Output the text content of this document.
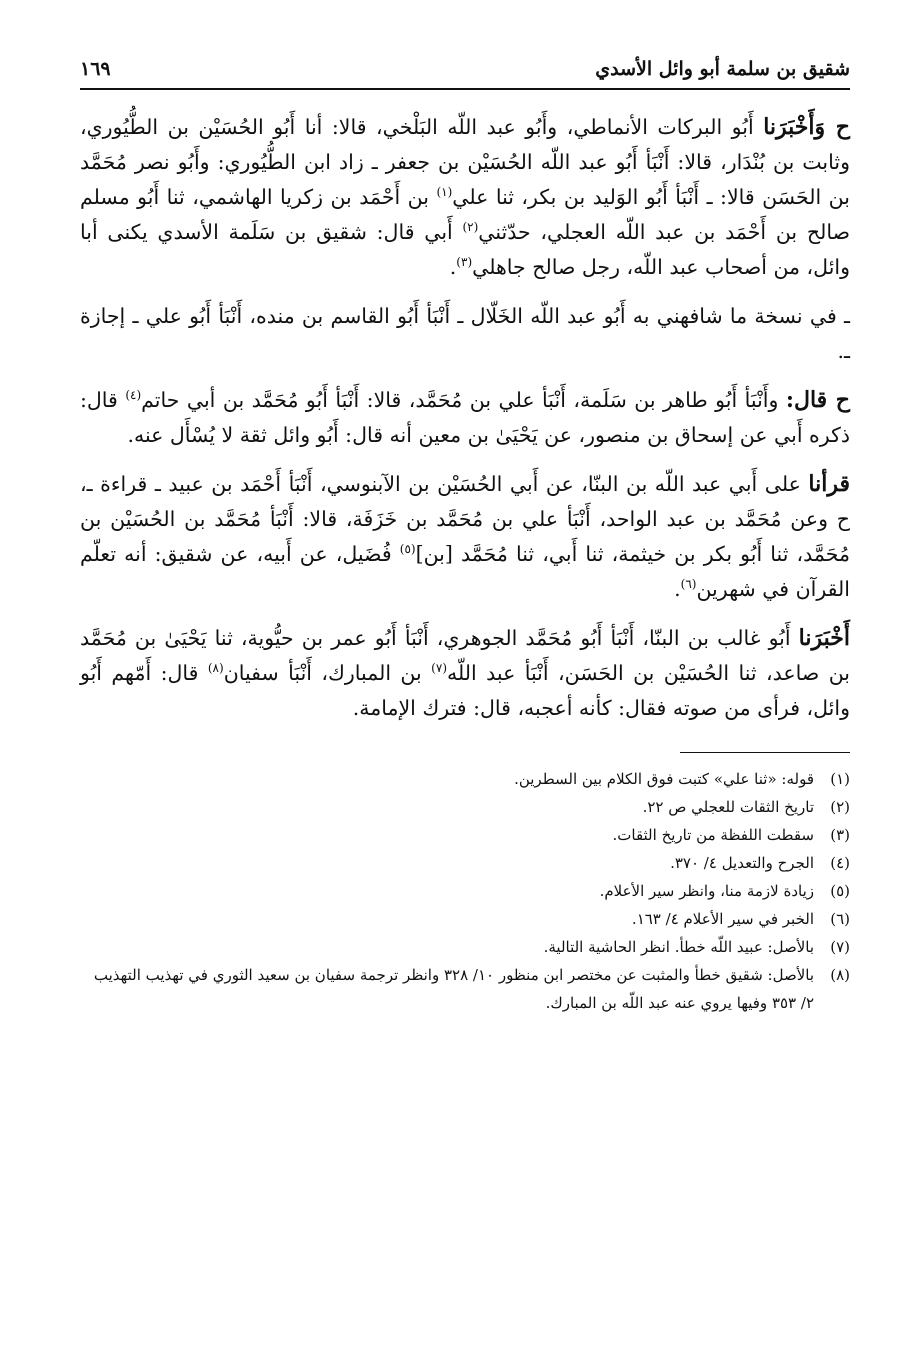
شقيق بن سلمة أبو وائل الأسدي
١٦٩

ح وَأَخْبَرَنا أَبُو البركات الأنماطي، وأَبُو عبد اللّه البَلْخي، قالا: أنا أَبُو الحُسَيْن بن الطُّيُوري، وثابت بن بُنْدَار، قالا: أَنْبَأ أَبُو عبد اللّه الحُسَيْن بن جعفر ـ زاد ابن الطُّيُوري: وأَبُو نصر مُحَمَّد بن الحَسَن قالا: ـ أَنْبَأ أَبُو الوَليد بن بكر، ثنا علي$^{(١)}$ بن أَحْمَد بن زكريا الهاشمي، ثنا أَبُو مسلم صالح بن أَحْمَد بن عبد اللّه العجلي، حدّثني$^{(٢)}$ أَبي قال: شقيق بن سَلَمة الأسدي يكنى أبا وائل، من أصحاب عبد اللّه، رجل صالح جاهلي$^{(٣)}$.

ـ في نسخة ما شافهني به أَبُو عبد اللّه الخَلّال ـ أَنْبَأ أَبُو القاسم بن منده، أَنْبَأ أَبُو علي ـ إجازة ـ.

ح قال: وأَنْبَأ أَبُو طاهر بن سَلَمة، أَنْبَأ علي بن مُحَمَّد، قالا: أَنْبَأ أَبُو مُحَمَّد بن أبي حاتم$^{(٤)}$ قال: ذكره أَبي عن إسحاق بن منصور، عن يَحْيَىٰ بن معين أنه قال: أَبُو وائل ثقة لا يُسْأَل عنه.

قرأنا على أَبي عبد اللّه بن البنّا، عن أَبي الحُسَيْن بن الآبنوسي، أَنْبَأ أَحْمَد بن عبيد ـ قراءة ـ، ح وعن مُحَمَّد بن عبد الواحد، أَنْبَأ علي بن مُحَمَّد بن خَزَفَة، قالا: أَنْبَأ مُحَمَّد بن الحُسَيْن بن مُحَمَّد، ثنا أَبُو بكر بن خيثمة، ثنا أَبي، ثنا مُحَمَّد [بن]$^{(٥)}$ فُضَيل، عن أَبيه، عن شقيق: أنه تعلّم القرآن في شهرين$^{(٦)}$.

أَخْبَرَنا أَبُو غالب بن البنّا، أَنْبَأ أَبُو مُحَمَّد الجوهري، أَنْبَأ أَبُو عمر بن حيُّوية، ثنا يَحْيَىٰ بن مُحَمَّد بن صاعد، ثنا الحُسَيْن بن الحَسَن، أَنْبَأ عبد اللّه$^{(٧)}$ بن المبارك، أَنْبَأ سفيان$^{(٨)}$ قال: أَمّهم أَبُو وائل، فرأى من صوته فقال: كأنه أعجبه، قال: فترك الإمامة.

(١)
قوله: «ثنا علي» كتبت فوق الكلام بين السطرين.
(٢)
تاريخ الثقات للعجلي ص ٢٢.
(٣)
سقطت اللفظة من تاريخ الثقات.
(٤)
الجرح والتعديل ٤/ ٣٧٠.
(٥)
زيادة لازمة منا، وانظر سير الأعلام.
(٦)
الخبر في سير الأعلام ٤/ ١٦٣.
(٧)
بالأصل: عبيد اللّه خطأ. انظر الحاشية التالية.
(٨)
بالأصل: شقيق خطأ والمثبت عن مختصر ابن منظور ١٠/ ٣٢٨ وانظر ترجمة سفيان بن سعيد الثوري في تهذيب التهذيب ٢/ ٣٥٣ وفيها يروي عنه عبد اللّه بن المبارك.
